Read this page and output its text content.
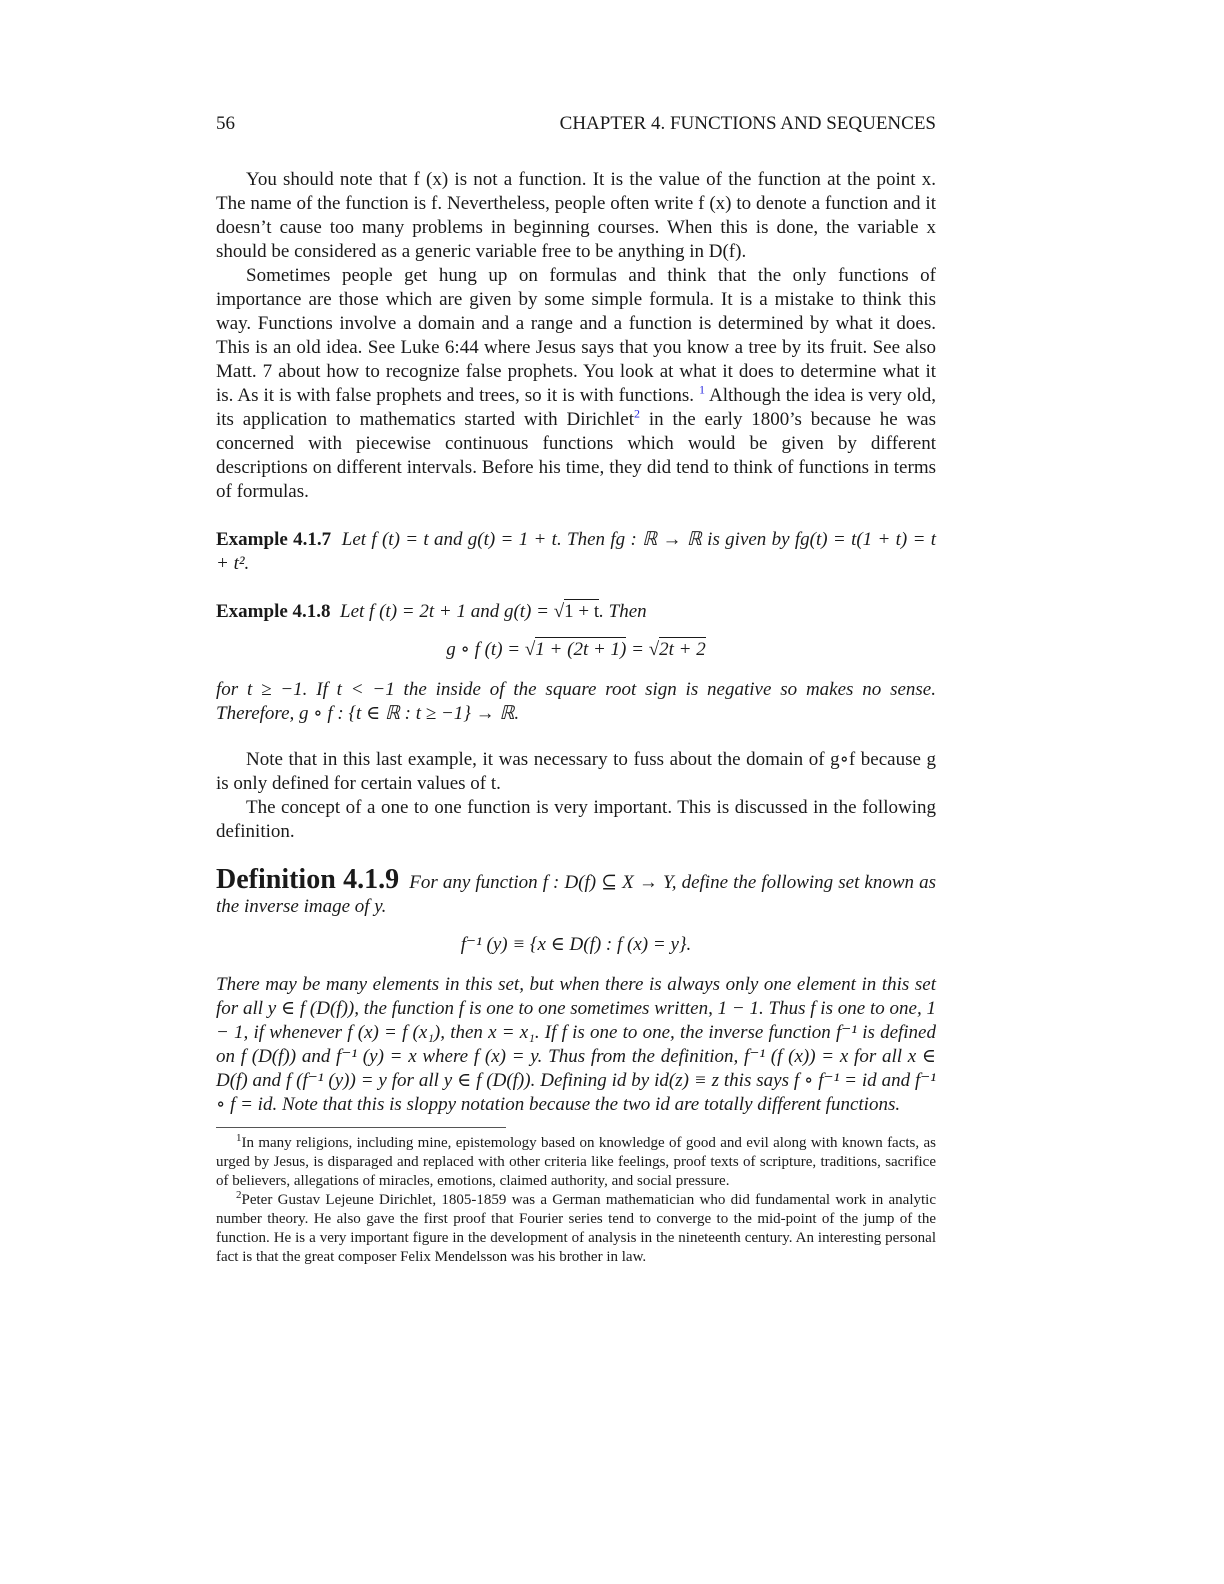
56	CHAPTER 4. FUNCTIONS AND SEQUENCES

You should note that f (x) is not a function. It is the value of the function at the point x. The name of the function is f. Nevertheless, people often write f (x) to denote a function and it doesn’t cause too many problems in beginning courses. When this is done, the variable x should be considered as a generic variable free to be anything in D(f).

Sometimes people get hung up on formulas and think that the only functions of importance are those which are given by some simple formula. It is a mistake to think this way. Functions involve a domain and a range and a function is determined by what it does. This is an old idea. See Luke 6:44 where Jesus says that you know a tree by its fruit. See also Matt. 7 about how to recognize false prophets. You look at what it does to determine what it is. As it is with false prophets and trees, so it is with functions. $^1$ Although the idea is very old, its application to mathematics started with Dirichlet$^2$ in the early 1800’s because he was concerned with piecewise continuous functions which would be given by different descriptions on different intervals. Before his time, they did tend to think of functions in terms of formulas.

Example 4.1.7 Let f (t) = t and g(t) = 1 + t. Then fg : ℝ → ℝ is given by fg(t) = t(1 + t) = t + t².

Example 4.1.8 Let f (t) = 2t + 1 and g(t) = √1 + t. Then

g ∘ f (t) = √1 + (2t + 1) = √2t + 2

for t ≥ −1. If t < −1 the inside of the square root sign is negative so makes no sense. Therefore, g ∘ f : {t ∈ ℝ : t ≥ −1} → ℝ.

Note that in this last example, it was necessary to fuss about the domain of g∘f because g is only defined for certain values of t.

The concept of a one to one function is very important. This is discussed in the following definition.

Definition 4.1.9 For any function f : D(f) ⊆ X → Y, define the following set known as the inverse image of y.

f⁻¹ (y) ≡ {x ∈ D(f) : f (x) = y}.

There may be many elements in this set, but when there is always only one element in this set for all y ∈ f (D(f)), the function f is one to one sometimes written, 1 − 1. Thus f is one to one, 1 − 1, if whenever f (x) = f (x₁), then x = x₁. If f is one to one, the inverse function f⁻¹ is defined on f (D(f)) and f⁻¹ (y) = x where f (x) = y. Thus from the definition, f⁻¹ (f (x)) = x for all x ∈ D(f) and f (f⁻¹ (y)) = y for all y ∈ f (D(f)). Defining id by id(z) ≡ z this says f ∘ f⁻¹ = id and f⁻¹ ∘ f = id. Note that this is sloppy notation because the two id are totally different functions.

$^1$In many religions, including mine, epistemology based on knowledge of good and evil along with known facts, as urged by Jesus, is disparaged and replaced with other criteria like feelings, proof texts of scripture, traditions, sacrifice of believers, allegations of miracles, emotions, claimed authority, and social pressure.

$^2$Peter Gustav Lejeune Dirichlet, 1805-1859 was a German mathematician who did fundamental work in analytic number theory. He also gave the first proof that Fourier series tend to converge to the mid-point of the jump of the function. He is a very important figure in the development of analysis in the nineteenth century. An interesting personal fact is that the great composer Felix Mendelsson was his brother in law.
